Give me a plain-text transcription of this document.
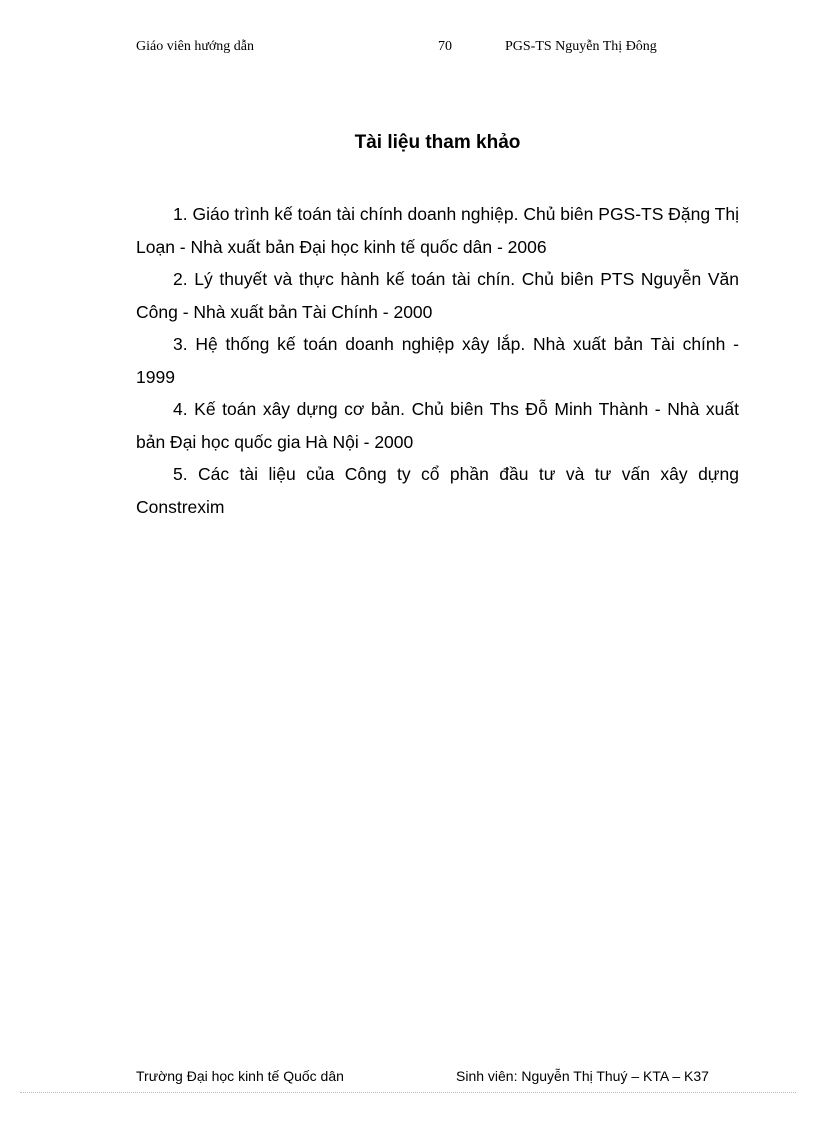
Giáo viên hướng dẫn	70	PGS-TS Nguyễn Thị Đông
Tài liệu tham khảo
1. Giáo trình kế toán tài chính doanh nghiệp. Chủ biên PGS-TS Đặng Thị Loạn - Nhà xuất bản Đại học kinh tế quốc dân - 2006
2. Lý thuyết và thực hành kế toán tài chín. Chủ biên PTS Nguyễn Văn Công - Nhà xuất bản Tài Chính - 2000
3. Hệ thống kế toán doanh nghiệp xây lắp. Nhà xuất bản Tài chính - 1999
4. Kế toán xây dựng cơ bản. Chủ biên Ths Đỗ Minh Thành - Nhà xuất bản Đại học quốc gia Hà Nội - 2000
5. Các tài liệu của Công ty cổ phần đầu tư và tư vấn xây dựng Constrexim
Trường Đại học kinh tế Quốc dân	Sinh viên: Nguyễn Thị Thuý – KTA – K37
